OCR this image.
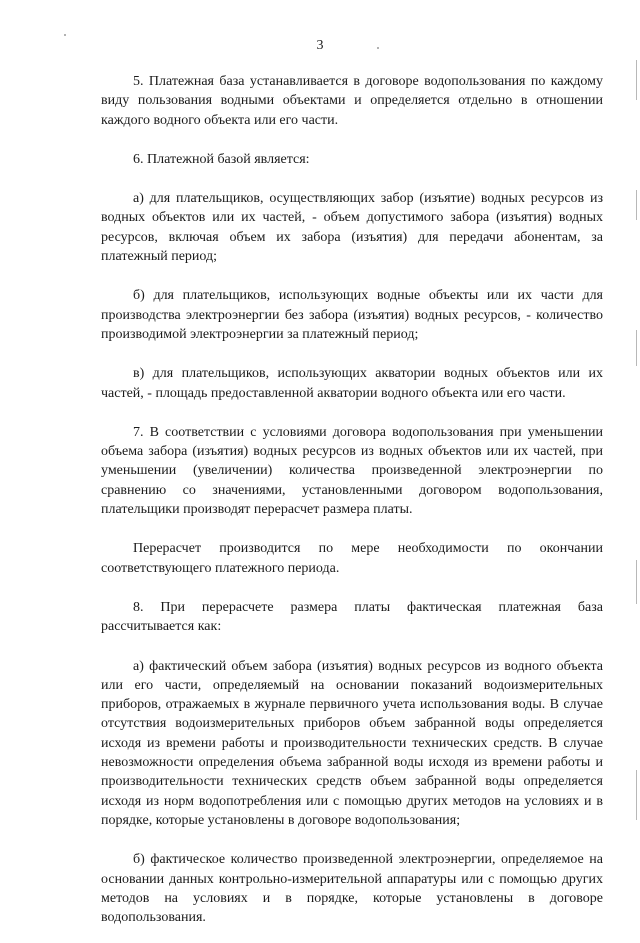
3

5. Платежная база устанавливается в договоре водопользования по каждому виду пользования водными объектами и определяется отдельно в отношении каждого водного объекта или его части.

6. Платежной базой является:

а) для плательщиков, осуществляющих забор (изъятие) водных ресурсов из водных объектов или их частей, - объем допустимого забора (изъятия) водных ресурсов, включая объем их забора (изъятия) для передачи абонентам, за платежный период;

б) для плательщиков, использующих водные объекты или их части для производства электроэнергии без забора (изъятия) водных ресурсов, - количество производимой электроэнергии за платежный период;

в) для плательщиков, использующих акватории водных объектов или их частей, - площадь предоставленной акватории водного объекта или его части.

7. В соответствии с условиями договора водопользования при уменьшении объема забора (изъятия) водных ресурсов из водных объектов или их частей, при уменьшении (увеличении) количества произведенной электроэнергии по сравнению со значениями, установленными договором водопользования, плательщики производят перерасчет размера платы.

Перерасчет производится по мере необходимости по окончании соответствующего платежного периода.

8. При перерасчете размера платы фактическая платежная база рассчитывается как:

а) фактический объем забора (изъятия) водных ресурсов из водного объекта или его части, определяемый на основании показаний водоизмерительных приборов, отражаемых в журнале первичного учета использования воды. В случае отсутствия водоизмерительных приборов объем забранной воды определяется исходя из времени работы и производительности технических средств. В случае невозможности определения объема забранной воды исходя из времени работы и производительности технических средств объем забранной воды определяется исходя из норм водопотребления или с помощью других методов на условиях и в порядке, которые установлены в договоре водопользования;

б) фактическое количество произведенной электроэнергии, определяемое на основании данных контрольно-измерительной аппаратуры или с помощью других методов на условиях и в порядке, которые установлены в договоре водопользования.
